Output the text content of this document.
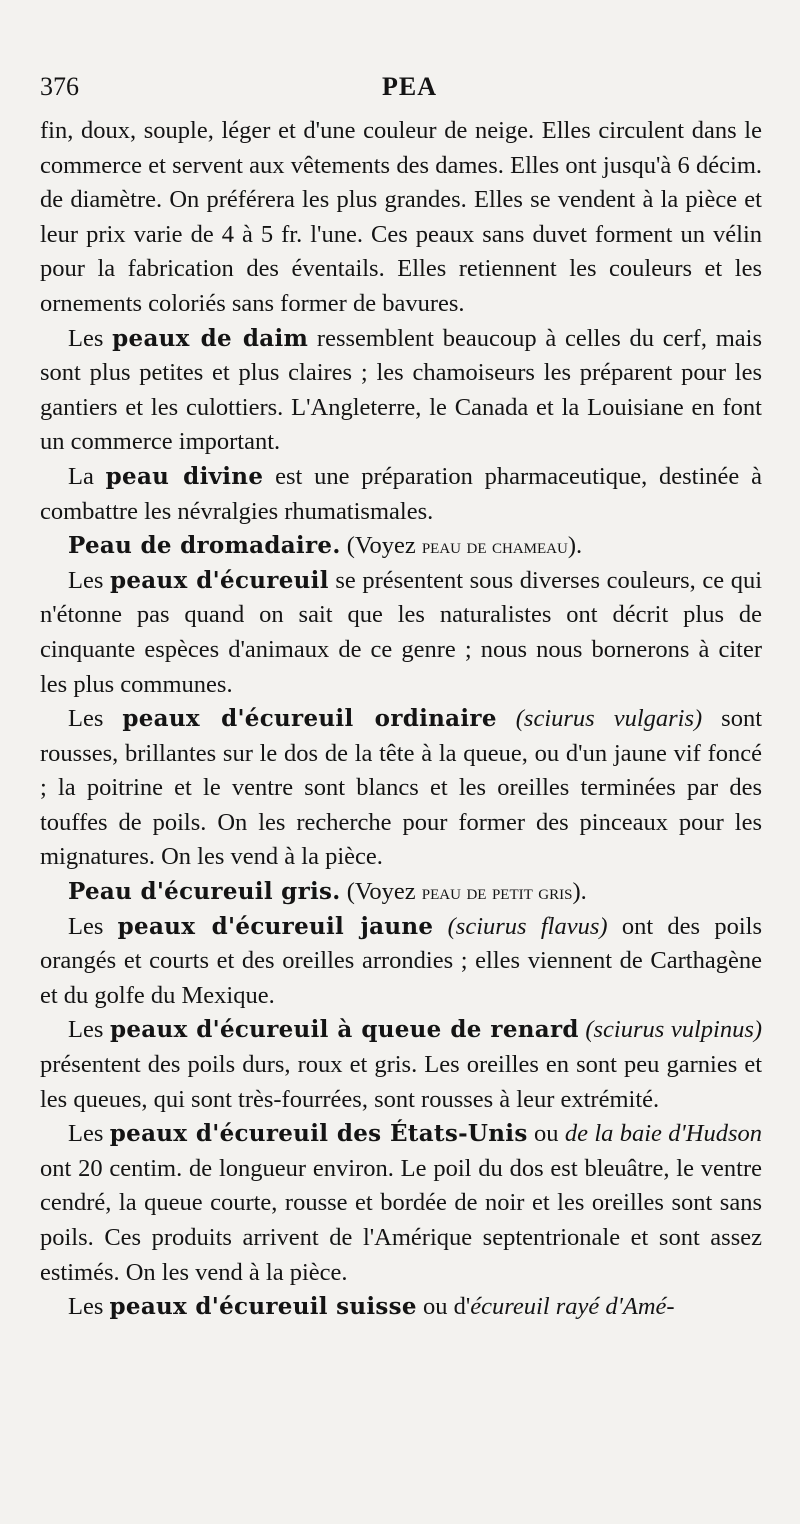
376	PEA

fin, doux, souple, léger et d'une couleur de neige. Elles circulent dans le commerce et servent aux vêtements des dames. Elles ont jusqu'à 6 décim. de diamètre. On préférera les plus grandes. Elles se vendent à la pièce et leur prix varie de 4 à 5 fr. l'une. Ces peaux sans duvet forment un vélin pour la fabrication des éventails. Elles retiennent les couleurs et les ornements coloriés sans former de bavures.

Les peaux de daim ressemblent beaucoup à celles du cerf, mais sont plus petites et plus claires ; les chamoiseurs les préparent pour les gantiers et les culottiers. L'Angleterre, le Canada et la Louisiane en font un commerce important.

La peau divine est une préparation pharmaceutique, destinée à combattre les névralgies rhumatismales.

Peau de dromadaire. (Voyez peau de chameau).

Les peaux d'écureuil se présentent sous diverses couleurs, ce qui n'étonne pas quand on sait que les naturalistes ont décrit plus de cinquante espèces d'animaux de ce genre ; nous nous bornerons à citer les plus communes.

Les peaux d'écureuil ordinaire (sciurus vulgaris) sont rousses, brillantes sur le dos de la tête à la queue, ou d'un jaune vif foncé ; la poitrine et le ventre sont blancs et les oreilles terminées par des touffes de poils. On les recherche pour former des pinceaux pour les mignatures. On les vend à la pièce.

Peau d'écureuil gris. (Voyez peau de petit gris).

Les peaux d'écureuil jaune (sciurus flavus) ont des poils orangés et courts et des oreilles arrondies ; elles viennent de Carthagène et du golfe du Mexique.

Les peaux d'écureuil à queue de renard (sciurus vulpinus) présentent des poils durs, roux et gris. Les oreilles en sont peu garnies et les queues, qui sont très-fourrées, sont rousses à leur extrémité.

Les peaux d'écureuil des États-Unis ou de la baie d'Hudson ont 20 centim. de longueur environ. Le poil du dos est bleuâtre, le ventre cendré, la queue courte, rousse et bordée de noir et les oreilles sont sans poils. Ces produits arrivent de l'Amérique septentrionale et sont assez estimés. On les vend à la pièce.

Les peaux d'écureuil suisse ou d'écureuil rayé d'Amé-
